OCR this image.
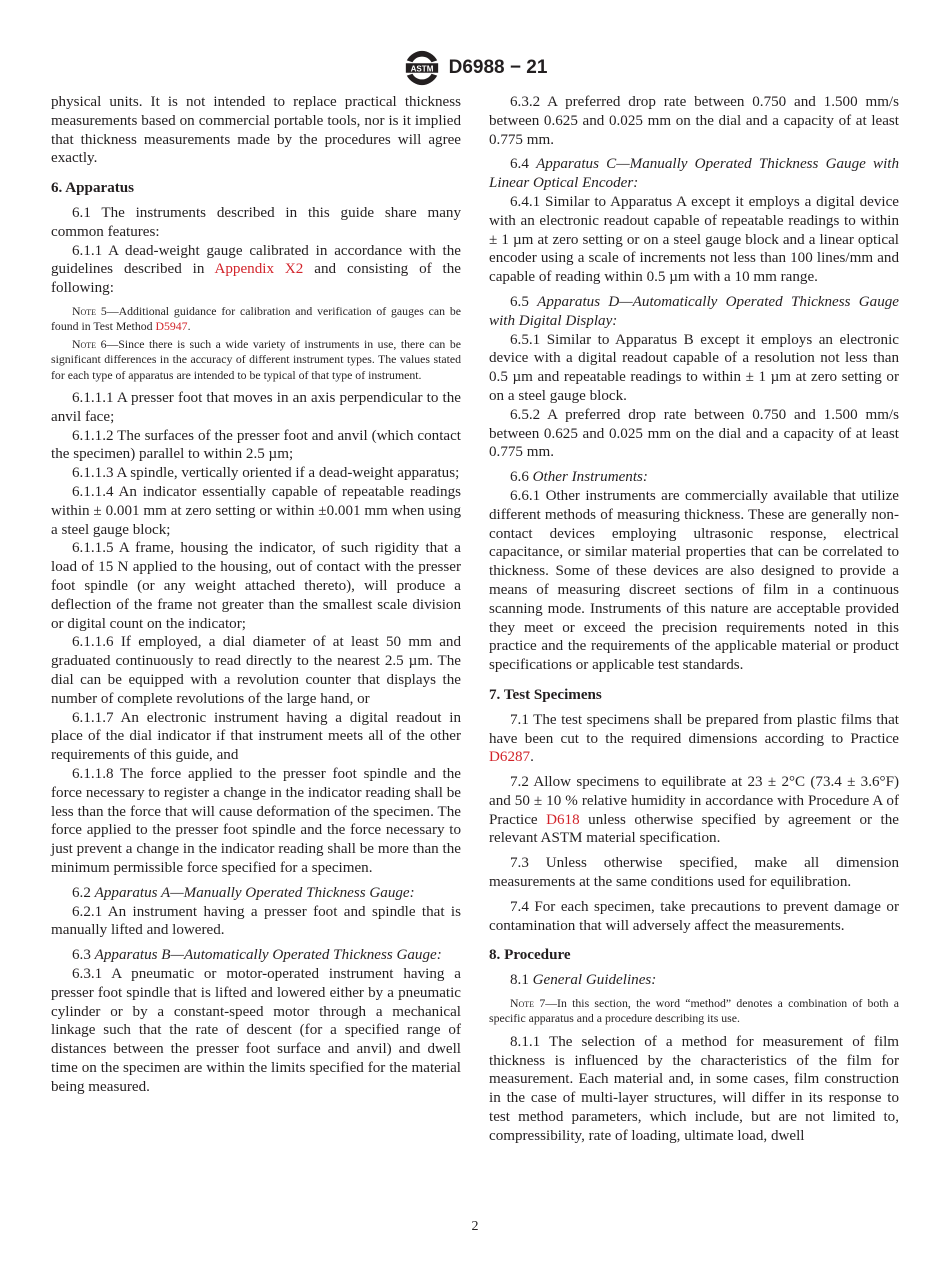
ASTM D6988 − 21

physical units. It is not intended to replace practical thickness measurements based on commercial portable tools, nor is it implied that thickness measurements made by the procedures will agree exactly.

6. Apparatus

6.1 The instruments described in this guide share many common features:

6.1.1 A dead-weight gauge calibrated in accordance with the guidelines described in Appendix X2 and consisting of the following:

Note 5—Additional guidance for calibration and verification of gauges can be found in Test Method D5947.

Note 6—Since there is such a wide variety of instruments in use, there can be significant differences in the accuracy of different instrument types. The values stated for each type of apparatus are intended to be typical of that type of instrument.

6.1.1.1 A presser foot that moves in an axis perpendicular to the anvil face;

6.1.1.2 The surfaces of the presser foot and anvil (which contact the specimen) parallel to within 2.5 µm;

6.1.1.3 A spindle, vertically oriented if a dead-weight apparatus;

6.1.1.4 An indicator essentially capable of repeatable readings within ± 0.001 mm at zero setting or within ±0.001 mm when using a steel gauge block;

6.1.1.5 A frame, housing the indicator, of such rigidity that a load of 15 N applied to the housing, out of contact with the presser foot spindle (or any weight attached thereto), will produce a deflection of the frame not greater than the smallest scale division or digital count on the indicator;

6.1.1.6 If employed, a dial diameter of at least 50 mm and graduated continuously to read directly to the nearest 2.5 µm. The dial can be equipped with a revolution counter that displays the number of complete revolutions of the large hand, or

6.1.1.7 An electronic instrument having a digital readout in place of the dial indicator if that instrument meets all of the other requirements of this guide, and

6.1.1.8 The force applied to the presser foot spindle and the force necessary to register a change in the indicator reading shall be less than the force that will cause deformation of the specimen. The force applied to the presser foot spindle and the force necessary to just prevent a change in the indicator reading shall be more than the minimum permissible force specified for a specimen.

6.2 Apparatus A—Manually Operated Thickness Gauge:

6.2.1 An instrument having a presser foot and spindle that is manually lifted and lowered.

6.3 Apparatus B—Automatically Operated Thickness Gauge:

6.3.1 A pneumatic or motor-operated instrument having a presser foot spindle that is lifted and lowered either by a pneumatic cylinder or by a constant-speed motor through a mechanical linkage such that the rate of descent (for a specified range of distances between the presser foot surface and anvil) and dwell time on the specimen are within the limits specified for the material being measured.

6.3.2 A preferred drop rate between 0.750 and 1.500 mm/s between 0.625 and 0.025 mm on the dial and a capacity of at least 0.775 mm.

6.4 Apparatus C—Manually Operated Thickness Gauge with Linear Optical Encoder:

6.4.1 Similar to Apparatus A except it employs a digital device with an electronic readout capable of repeatable readings to within ± 1 µm at zero setting or on a steel gauge block and a linear optical encoder using a scale of increments not less than 100 lines/mm and capable of reading within 0.5 µm with a 10 mm range.

6.5 Apparatus D—Automatically Operated Thickness Gauge with Digital Display:

6.5.1 Similar to Apparatus B except it employs an electronic device with a digital readout capable of a resolution not less than 0.5 µm and repeatable readings to within ± 1 µm at zero setting or on a steel gauge block.

6.5.2 A preferred drop rate between 0.750 and 1.500 mm/s between 0.625 and 0.025 mm on the dial and a capacity of at least 0.775 mm.

6.6 Other Instruments:

6.6.1 Other instruments are commercially available that utilize different methods of measuring thickness. These are generally non-contact devices employing ultrasonic response, electrical capacitance, or similar material properties that can be correlated to thickness. Some of these devices are also designed to provide a means of measuring discreet sections of film in a continuous scanning mode. Instruments of this nature are acceptable provided they meet or exceed the precision requirements noted in this practice and the requirements of the applicable material or product specifications or applicable test standards.

7. Test Specimens

7.1 The test specimens shall be prepared from plastic films that have been cut to the required dimensions according to Practice D6287.

7.2 Allow specimens to equilibrate at 23 ± 2°C (73.4 ± 3.6°F) and 50 ± 10 % relative humidity in accordance with Procedure A of Practice D618 unless otherwise specified by agreement or the relevant ASTM material specification.

7.3 Unless otherwise specified, make all dimension measurements at the same conditions used for equilibration.

7.4 For each specimen, take precautions to prevent damage or contamination that will adversely affect the measurements.

8. Procedure

8.1 General Guidelines:

Note 7—In this section, the word “method” denotes a combination of both a specific apparatus and a procedure describing its use.

8.1.1 The selection of a method for measurement of film thickness is influenced by the characteristics of the film for measurement. Each material and, in some cases, film construction in the case of multi-layer structures, will differ in its response to test method parameters, which include, but are not limited to, compressibility, rate of loading, ultimate load, dwell

2
